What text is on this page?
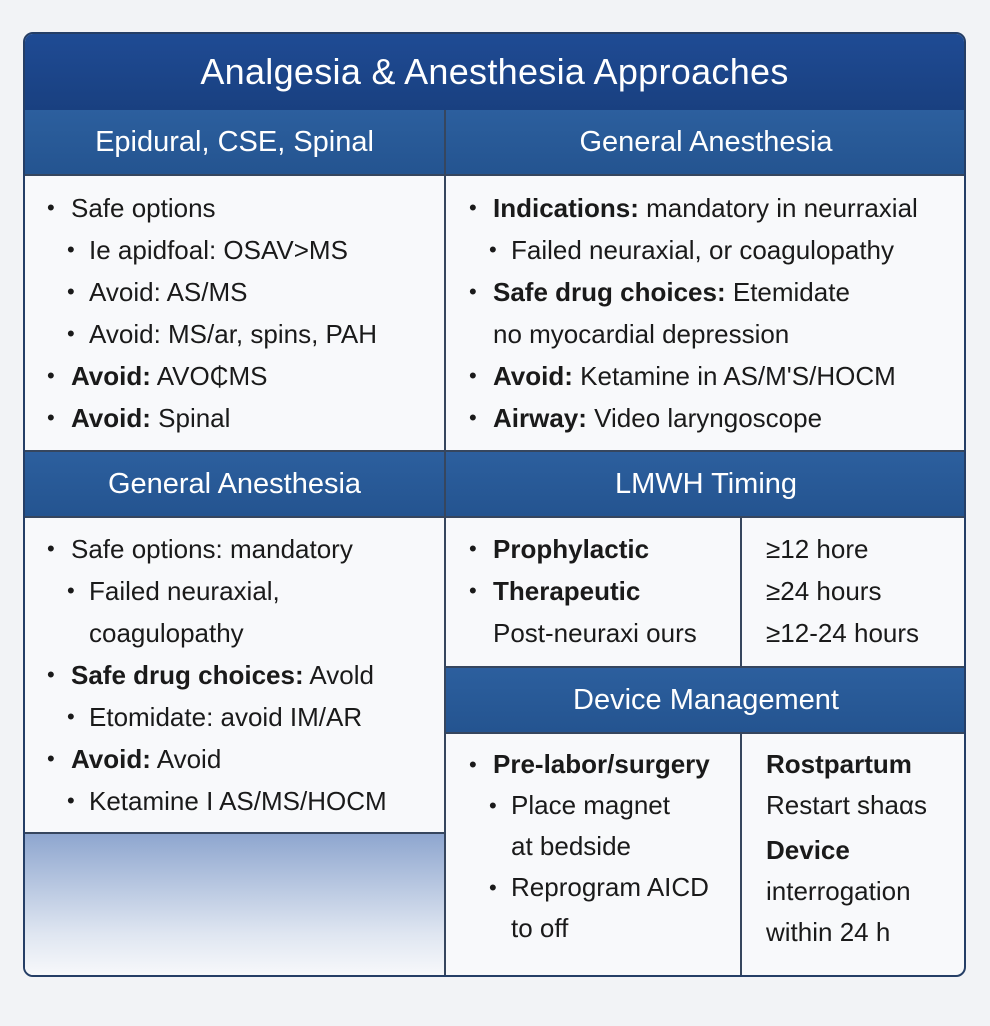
Analgesia & Anesthesia Approaches
Epidural, CSE, Spinal	General Anesthesia
General Anesthesia	LMWH Timing
Device Management
• Safe options
• Ie apidfoal: OSAV>MS
• Avoid: AS/MS
• Avoid: MS/ar, spins, PAH
• Avoid: AVO₵MS
• Avoid: Spinal
• Indications: mandatory in neurraxial
• Failed neuraxial, or coagulopathy
• Safe drug choices: Etemidate
no myocardial depression
• Avoid: Ketamine in AS/M'S/HOCM
• Airway: Video laryngoscope
• Safe options: mandatory
• Failed neuraxial,
coagulopathy
• Safe drug choices: Avold
• Etomidate: avoid IM/AR
• Avoid: Avoid
• Ketamine I AS/MS/HOCM
• Prophylactic
• Therapeutic
Post-neuraxi ours
≥12 hore
≥24 hours
≥12-24 hours
• Pre-labor/surgery
• Place magnet
at bedside
• Reprogram AICD
to off
Rostpartum
Restart shaαs
Device
interrogation
within 24 h
